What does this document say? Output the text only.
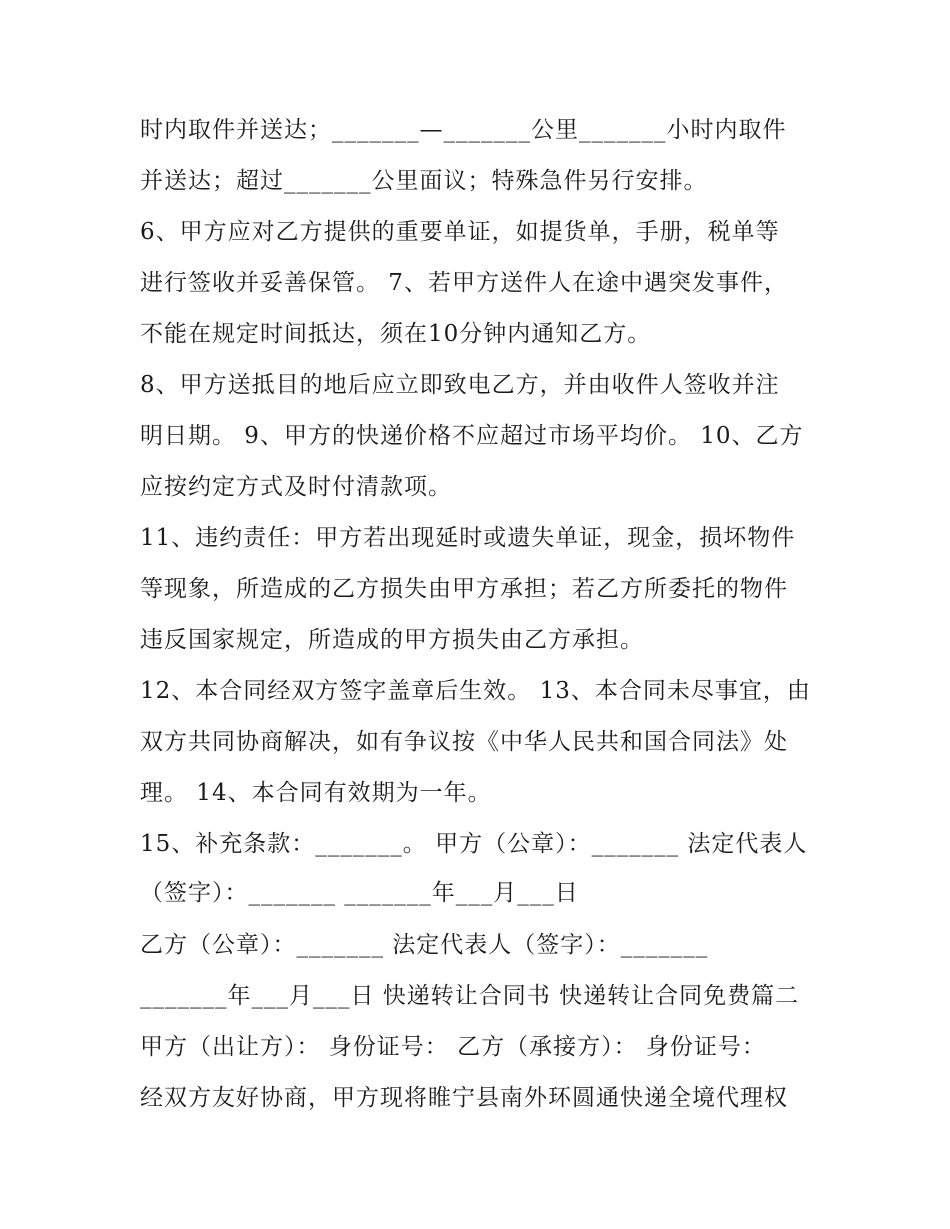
时内取件并送达；_______—_______公里_______小时内取件
并送达；超过_______公里面议；特殊急件另行安排。
6、甲方应对乙方提供的重要单证，如提货单，手册，税单等
进行签收并妥善保管。 7、若甲方送件人在途中遇突发事件，
不能在规定时间抵达，须在10分钟内通知乙方。
8、甲方送抵目的地后应立即致电乙方，并由收件人签收并注
明日期。 9、甲方的快递价格不应超过市场平均价。 10、乙方
应按约定方式及时付清款项。
11、违约责任：甲方若出现延时或遗失单证，现金，损坏物件
等现象，所造成的乙方损失由甲方承担；若乙方所委托的物件
违反国家规定，所造成的甲方损失由乙方承担。
12、本合同经双方签字盖章后生效。 13、本合同未尽事宜，由
双方共同协商解决，如有争议按《中华人民共和国合同法》处
理。 14、本合同有效期为一年。
15、补充条款：_______。 甲方（公章）：_______ 法定代表人
（签字）：_______ _______年___月___日
乙方（公章）：_______ 法定代表人（签字）：_______
_______年___月___日 快递转让合同书 快递转让合同免费篇二
甲方（出让方）： 身份证号： 乙方（承接方）： 身份证号：
经双方友好协商，甲方现将睢宁县南外环圆通快递全境代理权
